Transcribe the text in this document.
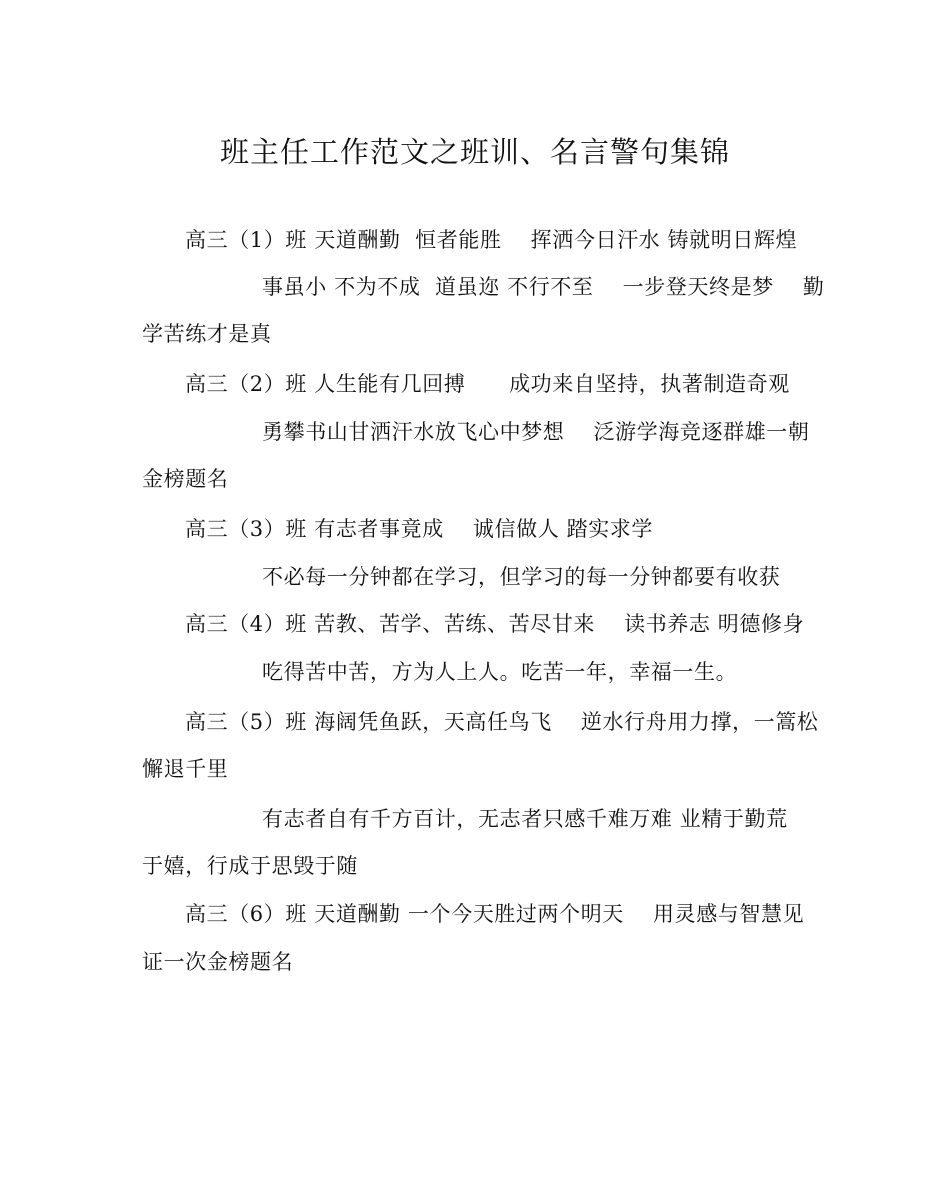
班主任工作范文之班训、名言警句集锦
高三（1）班 天道酬勤  恒者能胜    挥洒今日汗水 铸就明日辉煌
事虽小 不为不成  道虽迩 不行不至    一步登天终是梦    勤
学苦练才是真
高三（2）班 人生能有几回搏      成功来自坚持，执著制造奇观
勇攀书山甘洒汗水放飞心中梦想    泛游学海竞逐群雄一朝
金榜题名
高三（3）班 有志者事竟成    诚信做人 踏实求学
不必每一分钟都在学习，但学习的每一分钟都要有收获
高三（4）班 苦教、苦学、苦练、苦尽甘来    读书养志 明德修身
吃得苦中苦，方为人上人。吃苦一年，幸福一生。
高三（5）班 海阔凭鱼跃，天高任鸟飞    逆水行舟用力撑，一篙松
懈退千里
有志者自有千方百计，无志者只感千难万难 业精于勤荒
于嬉，行成于思毁于随
高三（6）班 天道酬勤 一个今天胜过两个明天    用灵感与智慧见
证一次金榜题名
